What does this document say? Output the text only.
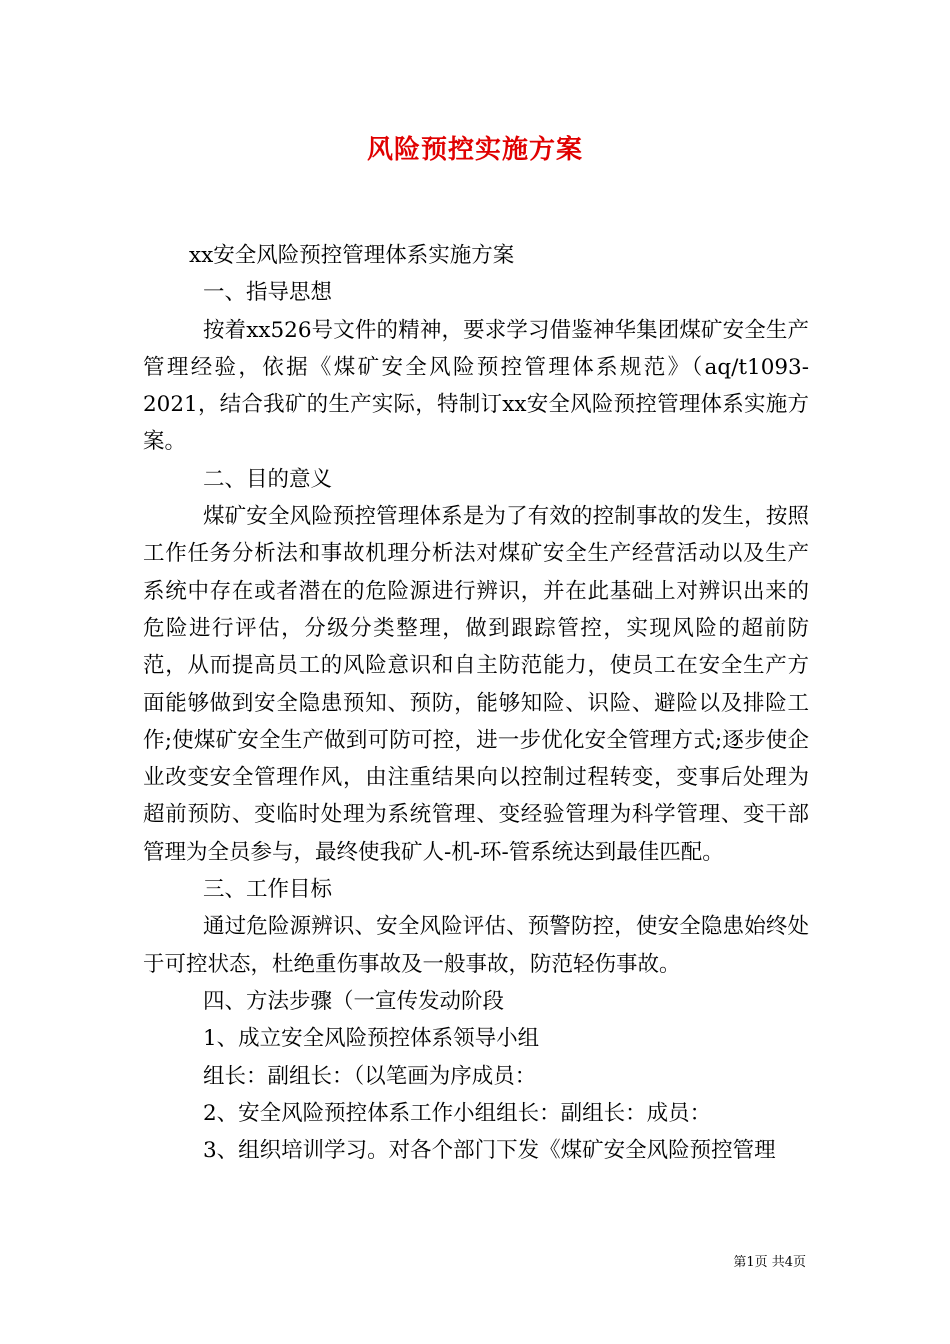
风险预控实施方案

xx安全风险预控管理体系实施方案

一、指导思想

按着xx526号文件的精神，要求学习借鉴神华集团煤矿安全生产管理经验，依据《煤矿安全风险预控管理体系规范》（aq/t1093-2021，结合我矿的生产实际，特制订xx安全风险预控管理体系实施方案。

二、目的意义

煤矿安全风险预控管理体系是为了有效的控制事故的发生，按照工作任务分析法和事故机理分析法对煤矿安全生产经营活动以及生产系统中存在或者潜在的危险源进行辨识，并在此基础上对辨识出来的危险进行评估，分级分类整理，做到跟踪管控，实现风险的超前防范，从而提高员工的风险意识和自主防范能力，使员工在安全生产方面能够做到安全隐患预知、预防，能够知险、识险、避险以及排险工作;使煤矿安全生产做到可防可控，进一步优化安全管理方式;逐步使企业改变安全管理作风，由注重结果向以控制过程转变，变事后处理为超前预防、变临时处理为系统管理、变经验管理为科学管理、变干部管理为全员参与，最终使我矿人-机-环-管系统达到最佳匹配。

三、工作目标

通过危险源辨识、安全风险评估、预警防控，使安全隐患始终处于可控状态，杜绝重伤事故及一般事故，防范轻伤事故。

四、方法步骤（一宣传发动阶段

1、成立安全风险预控体系领导小组

组长：副组长：（以笔画为序成员：

2、安全风险预控体系工作小组组长：副组长：成员：

3、组织培训学习。对各个部门下发《煤矿安全风险预控管理

第1页 共4页
